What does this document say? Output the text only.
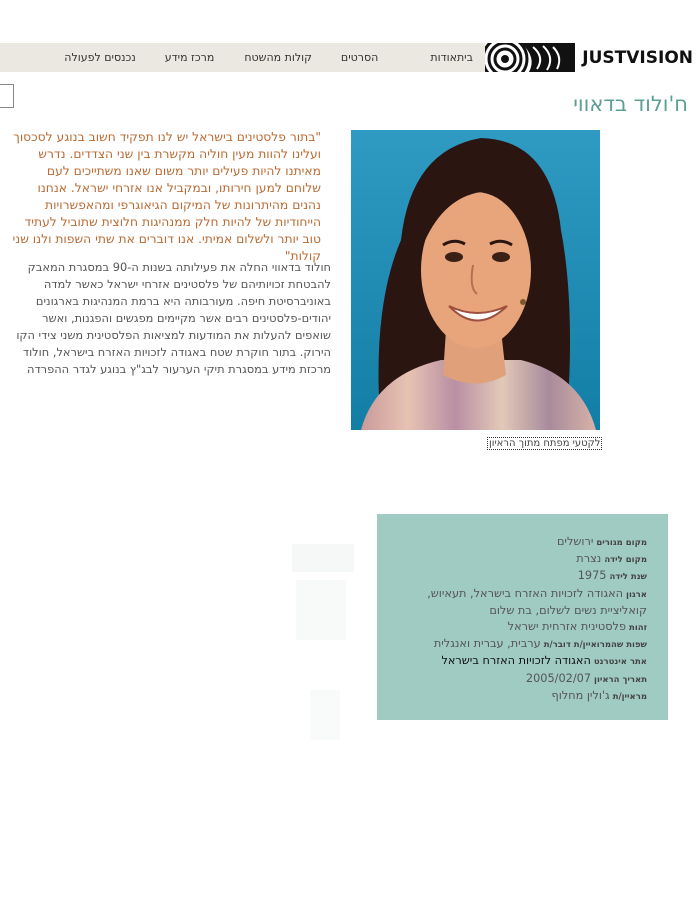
בית
אודות
הסרטים
קולות מהשטח
מרכז מידע
נכנסים לפעולה	JUSTVISION
ח'ולוד בדאווי
לקטעי מפתח מתוך הראיון
"בתור פלסטינים בישראל יש לנו תפקיד חשוב בנוגע לסכסוך ועלינו להוות מעין חוליה מקשרת בין שני הצדדים. נדרש מאיתנו להיות פעילים יותר משום שאנו משתייכים לעם שלוחם למען חירותו, ובמקביל אנו אזרחי ישראל. אנחנו נהנים מהיתרונות של המיקום הגיאוגרפי ומהאפשרויות הייחודיות של להיות חלק ממנהיגות חלוצית שתוביל לעתיד טוב יותר ולשלום אמיתי. אנו דוברים את שתי השפות ולנו שני קולות"
חולוד בדאווי החלה את פעילותה בשנות ה-90 במסגרת המאבק להבטחת זכויותיהם של פלסטינים אזרחי ישראל כאשר למדה באוניברסיטת חיפה. מעורבותה היא ברמת המנהיגות בארגונים יהודים-פלסטינים רבים אשר מקיימים מפגשים והפגנות, ואשר שואפים להעלות את המודעות למציאות הפלסטינית משני צידי הקו הירוק. בתור חוקרת שטח באגודה לזכויות האזרח בישראל, חולוד מרכזת מידע במסגרת תיקי הערעור לבג"ץ בנוגע לגדר ההפרדה
מקום מגוריםירושלים
מקום לידהנצרת
שנת לידה1975
ארגוןהאגודה לזכויות האזרח בישראל, תעאיוש, קואליציית נשים לשלום, בת שלום
זהותפלסטינית אזרחית ישראל
שפות שהמרואיין/ת דובר/תערבית, עברית ואנגלית
אתר אינטרנטהאגודה לזכויות האזרח בישראל
תאריך הראיון2005/02/07
מראיין/תג'ולין מחלוף
